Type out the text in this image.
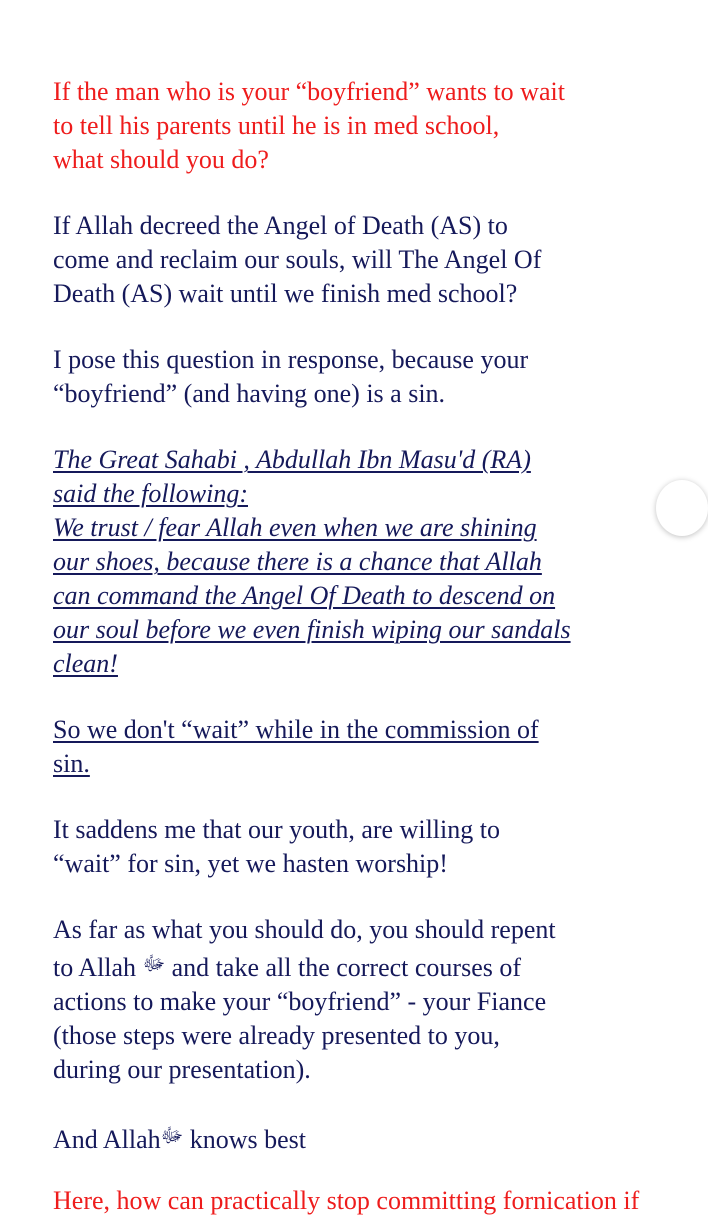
If the man who is your “boyfriend” wants to wait
to tell his parents until he is in med school,
what should you do?
If Allah decreed the Angel of Death (AS) to
come and reclaim our souls, will The Angel Of
Death (AS) wait until we finish med school?
I pose this question in response, because your
“boyfriend” (and having one) is a sin.
The Great Sahabi , Abdullah Ibn Masu'd (RA)
said the following:
We trust / fear Allah even when we are shining
our shoes, because there is a chance that Allah
can command the Angel Of Death to descend on
our soul before we even finish wiping our sandals
clean!
So we don't “wait” while in the commission of
sin.
It saddens me that our youth, are willing to
“wait” for sin, yet we hasten worship!
As far as what you should do, you should repent
to Allah $^ﷻ$ and take all the correct courses of
actions to make your “boyfriend” - your Fiance
(those steps were already presented to you,
during our presentation).
And Allah$^ﷻ$ knows best
Here, how can practically stop committing fornication if
